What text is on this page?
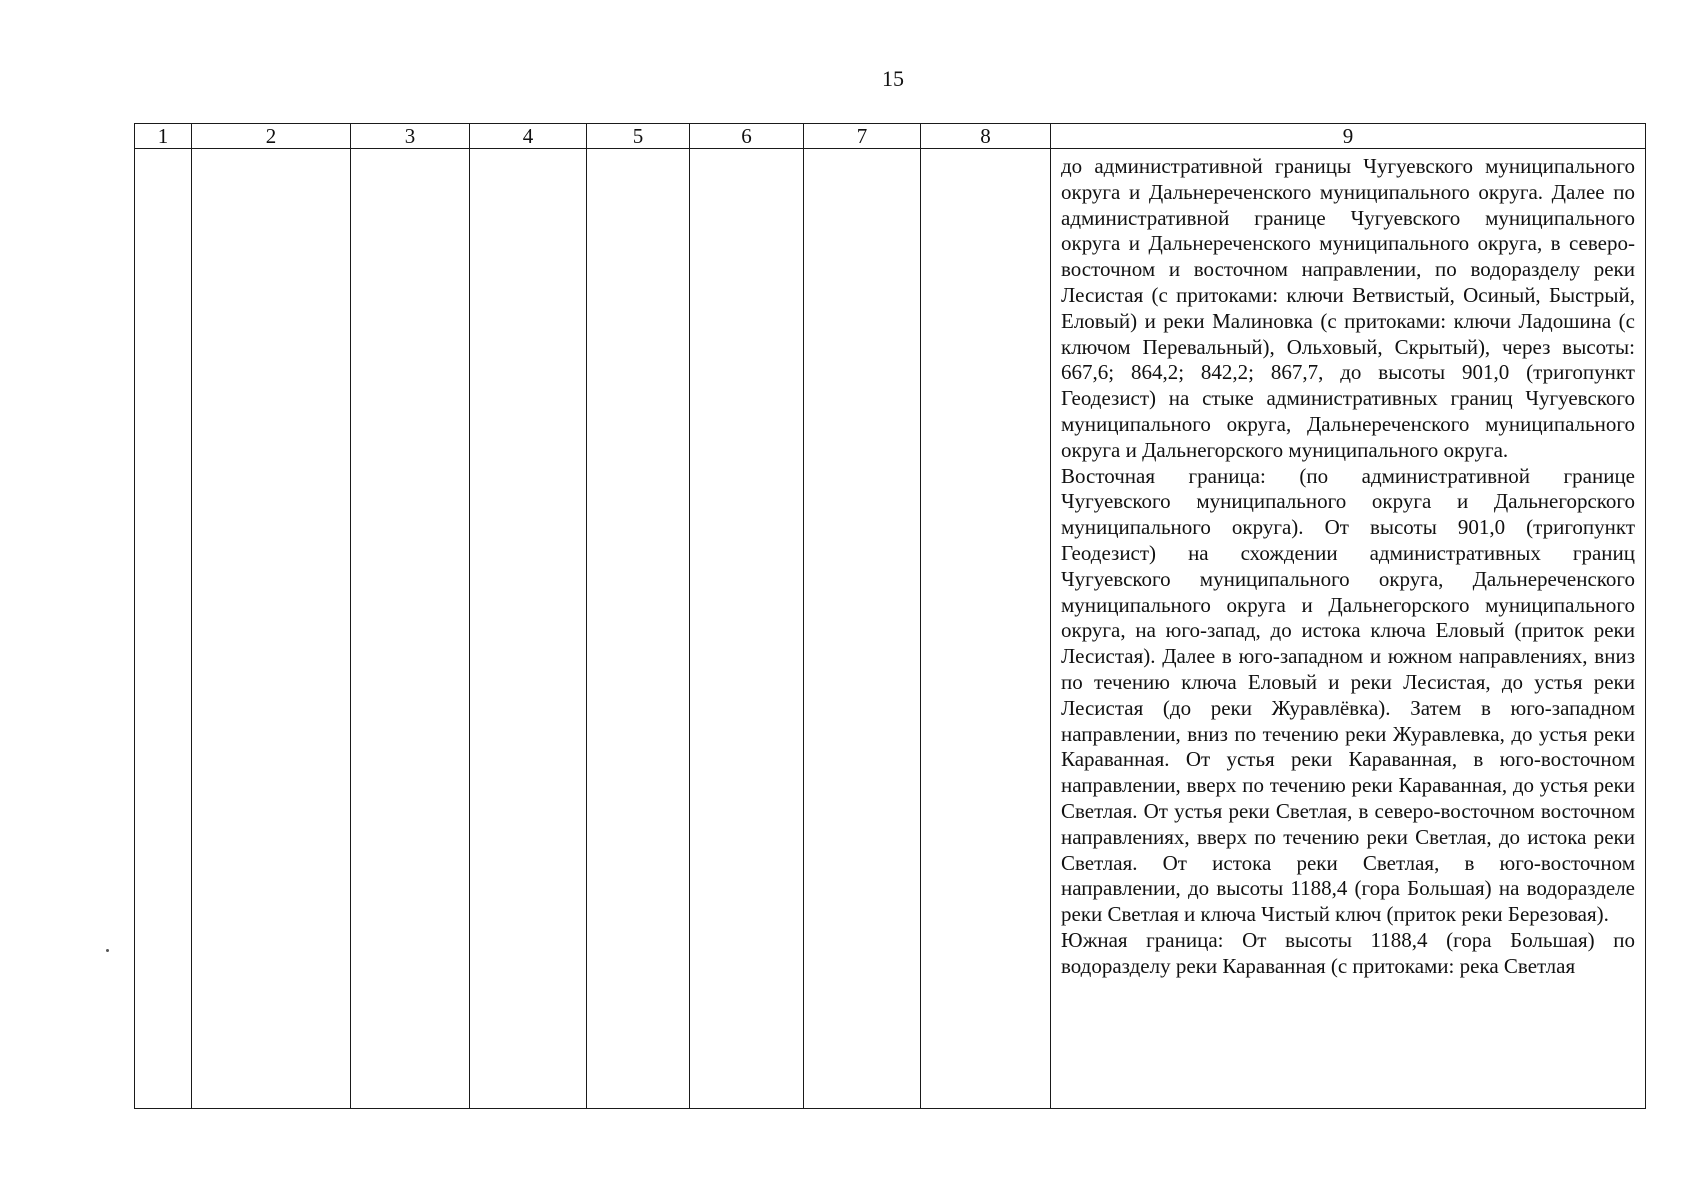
15
1	2	3	4	5	6	7	8	9

								до административной границы Чугуевского муниципального округа и Дальнереченского муниципального округа. Далее по административной границе Чугуевского муниципального округа и Дальнереченского муниципального округа, в северо-восточном и восточном направлении, по водоразделу реки Лесистая (с притоками: ключи Ветвистый, Осиный, Быстрый, Еловый) и реки Малиновка (с притоками: ключи Ладошина (с ключом Перевальный), Ольховый, Скрытый), через высоты: 667,6; 864,2; 842,2; 867,7, до высоты 901,0 (тригопункт Геодезист) на стыке административных границ Чугуевского муниципального округа, Дальнереченского муниципального округа и Дальнегорского муниципального округа.

Восточная граница: (по административной границе Чугуевского муниципального округа и Дальнегорского муниципального округа). От высоты 901,0 (тригопункт Геодезист) на схождении административных границ Чугуевского муниципального округа, Дальнереченского муниципального округа и Дальнегорского муниципального округа, на юго-запад, до истока ключа Еловый (приток реки Лесистая). Далее в юго-западном и южном направлениях, вниз по течению ключа Еловый и реки Лесистая, до устья реки Лесистая (до реки Журавлёвка). Затем в юго-западном направлении, вниз по течению реки Журавлевка, до устья реки Караванная. От устья реки Караванная, в юго-восточном направлении, вверх по течению реки Караванная, до устья реки Светлая. От устья реки Светлая, в северо-восточном восточном направлениях, вверх по течению реки Светлая, до истока реки Светлая. От истока реки Светлая, в юго-восточном направлении, до высоты 1188,4 (гора Большая) на водоразделе реки Светлая и ключа Чистый ключ (приток реки Березовая).

Южная граница: От высоты 1188,4 (гора Большая) по водоразделу реки Караванная (с притоками: река Светлая
